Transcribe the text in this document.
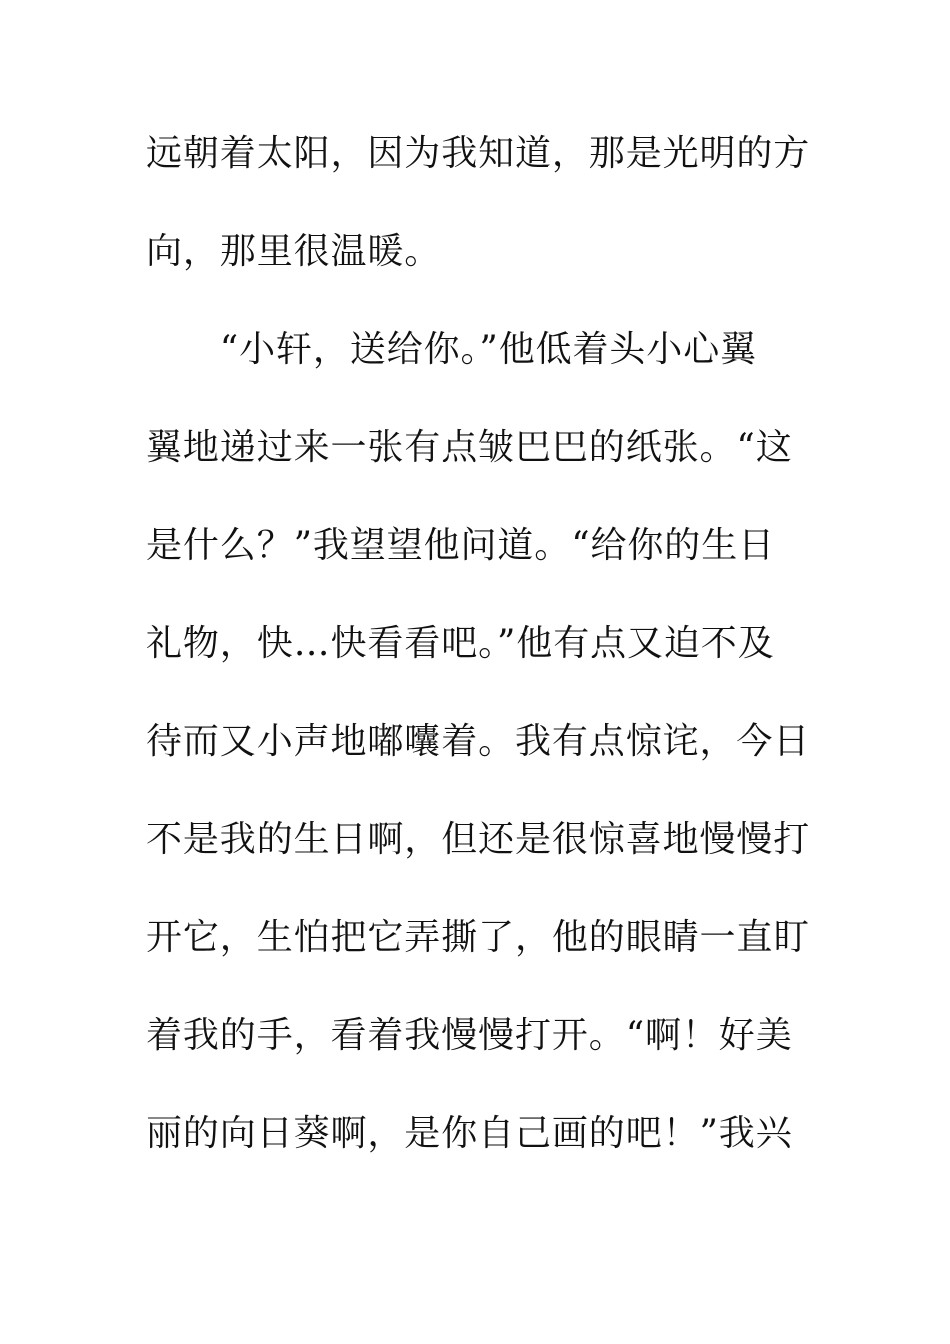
远朝着太阳，因为我知道，那是光明的方
向，那里很温暖。
　　“小轩，送给你。”他低着头小心翼
翼地递过来一张有点皱巴巴的纸张。“这
是什么？”我望望他问道。“给你的生日
礼物，快…快看看吧。”他有点又迫不及
待而又小声地嘟囔着。我有点惊诧，今日
不是我的生日啊，但还是很惊喜地慢慢打
开它，生怕把它弄撕了，他的眼睛一直盯
着我的手，看着我慢慢打开。“啊！好美
丽的向日葵啊，是你自己画的吧！”我兴
